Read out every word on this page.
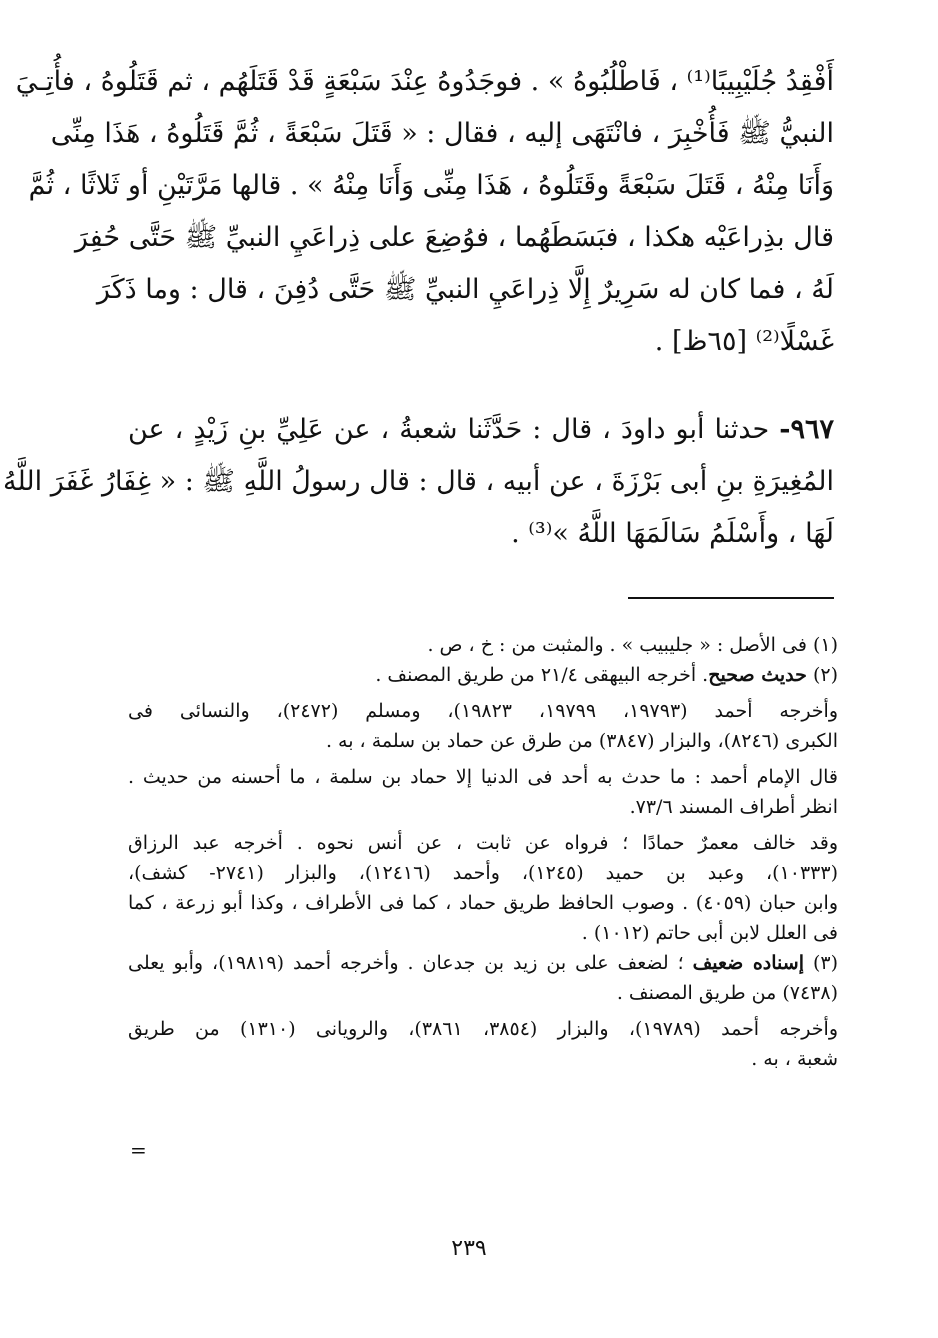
أَفْقِدُ جُلَيْبِيبًا⁽¹⁾ ، فَاطْلُبُوهُ » . فوجَدُوهُ عِنْدَ سَبْعَةٍ قَدْ قَتَلَهُم ، ثم قَتَلُوهُ ، فأُتِـيَ
النبيُّ ﷺ فَأُخْبِرَ ، فانْتَهَى إليه ، فقال : « قَتَلَ سَبْعَةً ، ثُمَّ قَتَلُوهُ ، هَذَا مِنِّى
وَأَنَا مِنْهُ ، قَتَلَ سَبْعَةً وقَتَلُوهُ ، هَذَا مِنِّى وَأَنَا مِنْهُ » . قالها مَرَّتَيْنِ أو ثَلاثًا ، ثُمَّ
قال بذِراعَيْه هكذا ، فبَسَطَهُما ، فوُضِعَ على ذِراعَيِ النبيِّ ﷺ حَتَّى حُفِرَ
لَهُ ، فما كان له سَرِيرٌ إِلَّا ذِراعَيِ النبيِّ ﷺ حَتَّى دُفِنَ ، قال : وما ذَكَرَ
غَسْلًا⁽²⁾ [٦٥ظ] .
٩٦٧- حدثنا أبو داودَ ، قال : حَدَّثَنا شعبةُ ، عن عَلِيِّ بنِ زَيْدٍ ، عن
المُغِيرَةِ بنِ أبى بَرْزَةَ ، عن أبيه ، قال : قال رسولُ اللَّهِ ﷺ : « غِفَارُ غَفَرَ اللَّهُ
لَهَا ، وأَسْلَمُ سَالَمَهَا اللَّهُ »⁽³⁾ .
(١) فى الأصل : « جليبيب » . والمثبت من : خ ، ص .
(٢) حديث صحيح. أخرجه البيهقى ٢١/٤ من طريق المصنف .
وأخرجه أحمد (١٩٧٩٣، ١٩٧٩٩، ١٩٨٢٣)، ومسلم (٢٤٧٢)، والنسائى فى
الكبرى (٨٢٤٦)، والبزار (٣٨٤٧) من طرق عن حماد بن سلمة ، به .
قال الإمام أحمد : ما حدث به أحد فى الدنيا إلا حماد بن سلمة ، ما أحسنه من حديث .
انظر أطراف المسند ٧٣/٦.
وقد خالف معمرٌ حمادًا ؛ فرواه عن ثابت ، عن أنس نحوه . أخرجه عبد الرزاق
(١٠٣٣٣)، وعبد بن حميد (١٢٤٥)، وأحمد (١٢٤١٦)، والبزار (٢٧٤١- كشف)،
وابن حبان (٤٠٥٩) . وصوب الحافظ طريق حماد ، كما فى الأطراف ، وكذا أبو زرعة ، كما
فى العلل لابن أبى حاتم (١٠١٢) .
(٣) إسناده ضعيف ؛ لضعف على بن زيد بن جدعان . وأخرجه أحمد (١٩٨١٩)، وأبو يعلى
(٧٤٣٨) من طريق المصنف .
وأخرجه أحمد (١٩٧٨٩)، والبزار (٣٨٥٤، ٣٨٦١)، والرويانى (١٣١٠) من طريق
شعبة ، به .
=
٢٣٩
